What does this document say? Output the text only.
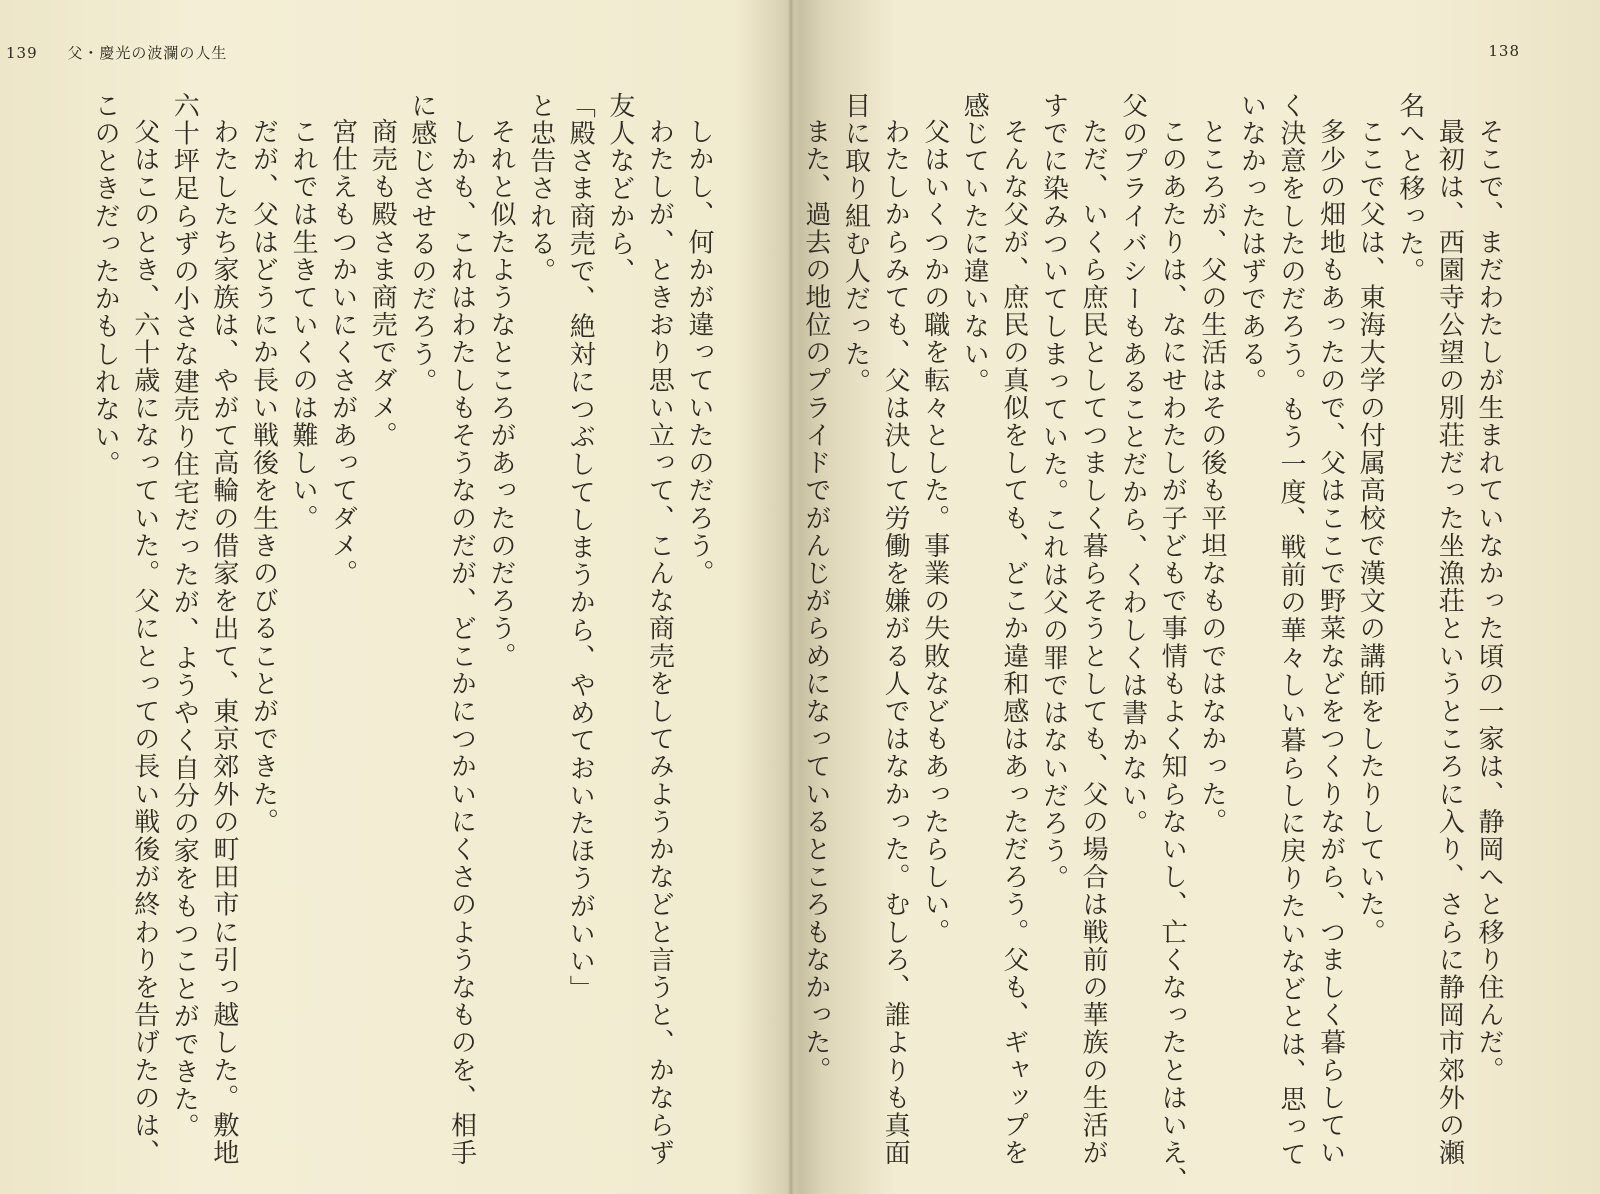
139 父・慶光の波瀾の人生
しかし、何かが違っていたのだろう。
わたしが、ときおり思い立って、こんな商売をしてみようかなどと言うと、かならず
友人などから、
「殿さま商売で、絶対につぶしてしまうから、やめておいたほうがいい」
と忠告される。
それと似たようなところがあったのだろう。
しかも、これはわたしもそうなのだが、どこかにつかいにくさのようなものを、相手
に感じさせるのだろう。
商売も殿さま商売でダメ。
宮仕えもつかいにくさがあってダメ。
これでは生きていくのは難しい。
だが、父はどうにか長い戦後を生きのびることができた。
わたしたち家族は、やがて高輪の借家を出て、東京郊外の町田市に引っ越した。敷地
六十坪足らずの小さな建売り住宅だったが、ようやく自分の家をもつことができた。
父はこのとき、六十歳になっていた。父にとっての長い戦後が終わりを告げたのは、
このときだったかもしれない。
138
そこで、まだわたしが生まれていなかった頃の一家は、静岡へと移り住んだ。
最初は、西園寺公望の別荘だった坐漁荘というところに入り、さらに静岡市郊外の瀬
名へと移った。
ここで父は、東海大学の付属高校で漢文の講師をしたりしていた。
多少の畑地もあったので、父はここで野菜などをつくりながら、つましく暮らしてい
く決意をしたのだろう。もう一度、戦前の華々しい暮らしに戻りたいなどとは、思って
いなかったはずである。
ところが、父の生活はその後も平坦なものではなかった。
このあたりは、なにせわたしが子どもで事情もよく知らないし、亡くなったとはいえ、
父のプライバシーもあることだから、くわしくは書かない。
ただ、いくら庶民としてつましく暮らそうとしても、父の場合は戦前の華族の生活が
すでに染みついてしまっていた。これは父の罪ではないだろう。
そんな父が、庶民の真似をしても、どこか違和感はあっただろう。父も、ギャップを
感じていたに違いない。
父はいくつかの職を転々とした。事業の失敗などもあったらしい。
わたしからみても、父は決して労働を嫌がる人ではなかった。むしろ、誰よりも真面
目に取り組む人だった。
また、過去の地位のプライドでがんじがらめになっているところもなかった。
